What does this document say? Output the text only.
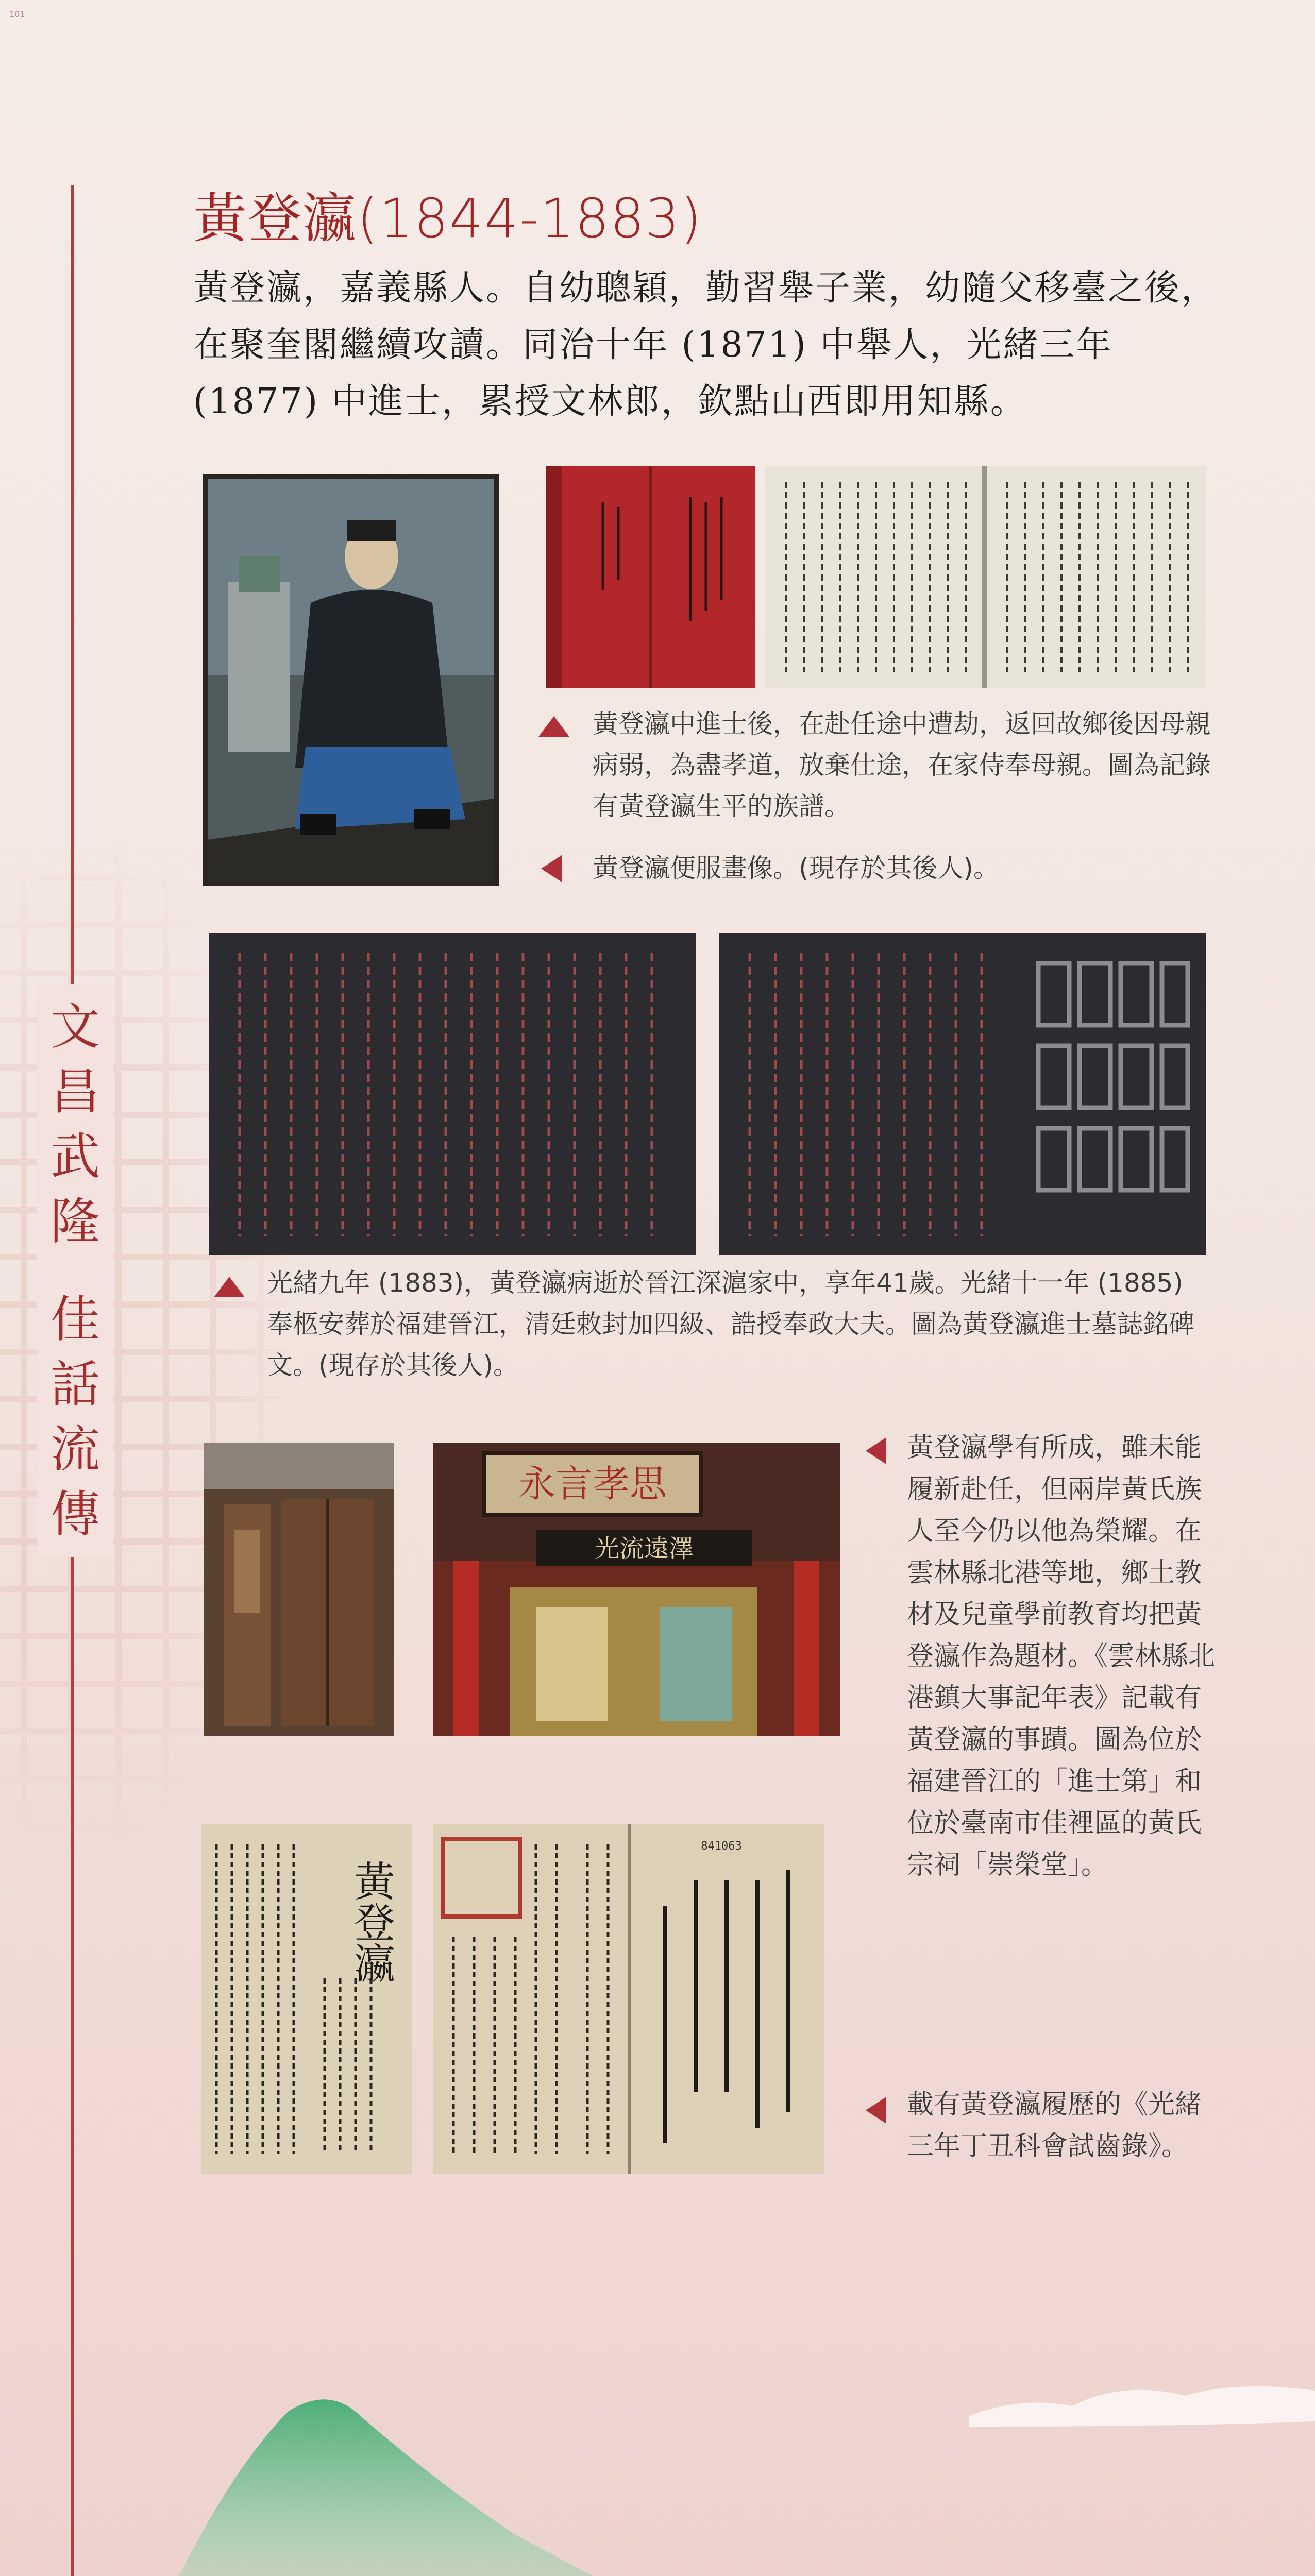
101
文
昌
武
隆
佳
話
流
傳
黃登瀛(1844-1883)
黃登瀛，嘉義縣人。自幼聰穎，勤習舉子業，幼隨父移臺之後，在聚奎閣繼續攻讀。同治十年 (1871) 中舉人，光緒三年 (1877) 中進士，累授文林郎，欽點山西即用知縣。
黃登瀛中進士後，在赴任途中遭劫，返回故鄉後因母親病弱，為盡孝道，放棄仕途，在家侍奉母親。圖為記錄有黃登瀛生平的族譜。
黃登瀛便服畫像。(現存於其後人)。
光緒九年 (1883)，黃登瀛病逝於晉江深滬家中，享年41歲。光緒十一年 (1885) 奉柩安葬於福建晉江，清廷敕封加四級、誥授奉政大夫。圖為黃登瀛進士墓誌銘碑文。(現存於其後人)。
永言孝思
光流遠澤
黃登瀛學有所成，雖未能履新赴任，但兩岸黃氏族人至今仍以他為榮耀。在雲林縣北港等地，鄉土教材及兒童學前教育均把黃登瀛作為題材。《雲林縣北港鎮大事記年表》記載有黃登瀛的事蹟。圖為位於福建晉江的「進士第」和位於臺南市佳裡區的黃氏宗祠「崇榮堂」。
黃登瀛
841063
載有黃登瀛履歷的《光緒三年丁丑科會試齒錄》。
